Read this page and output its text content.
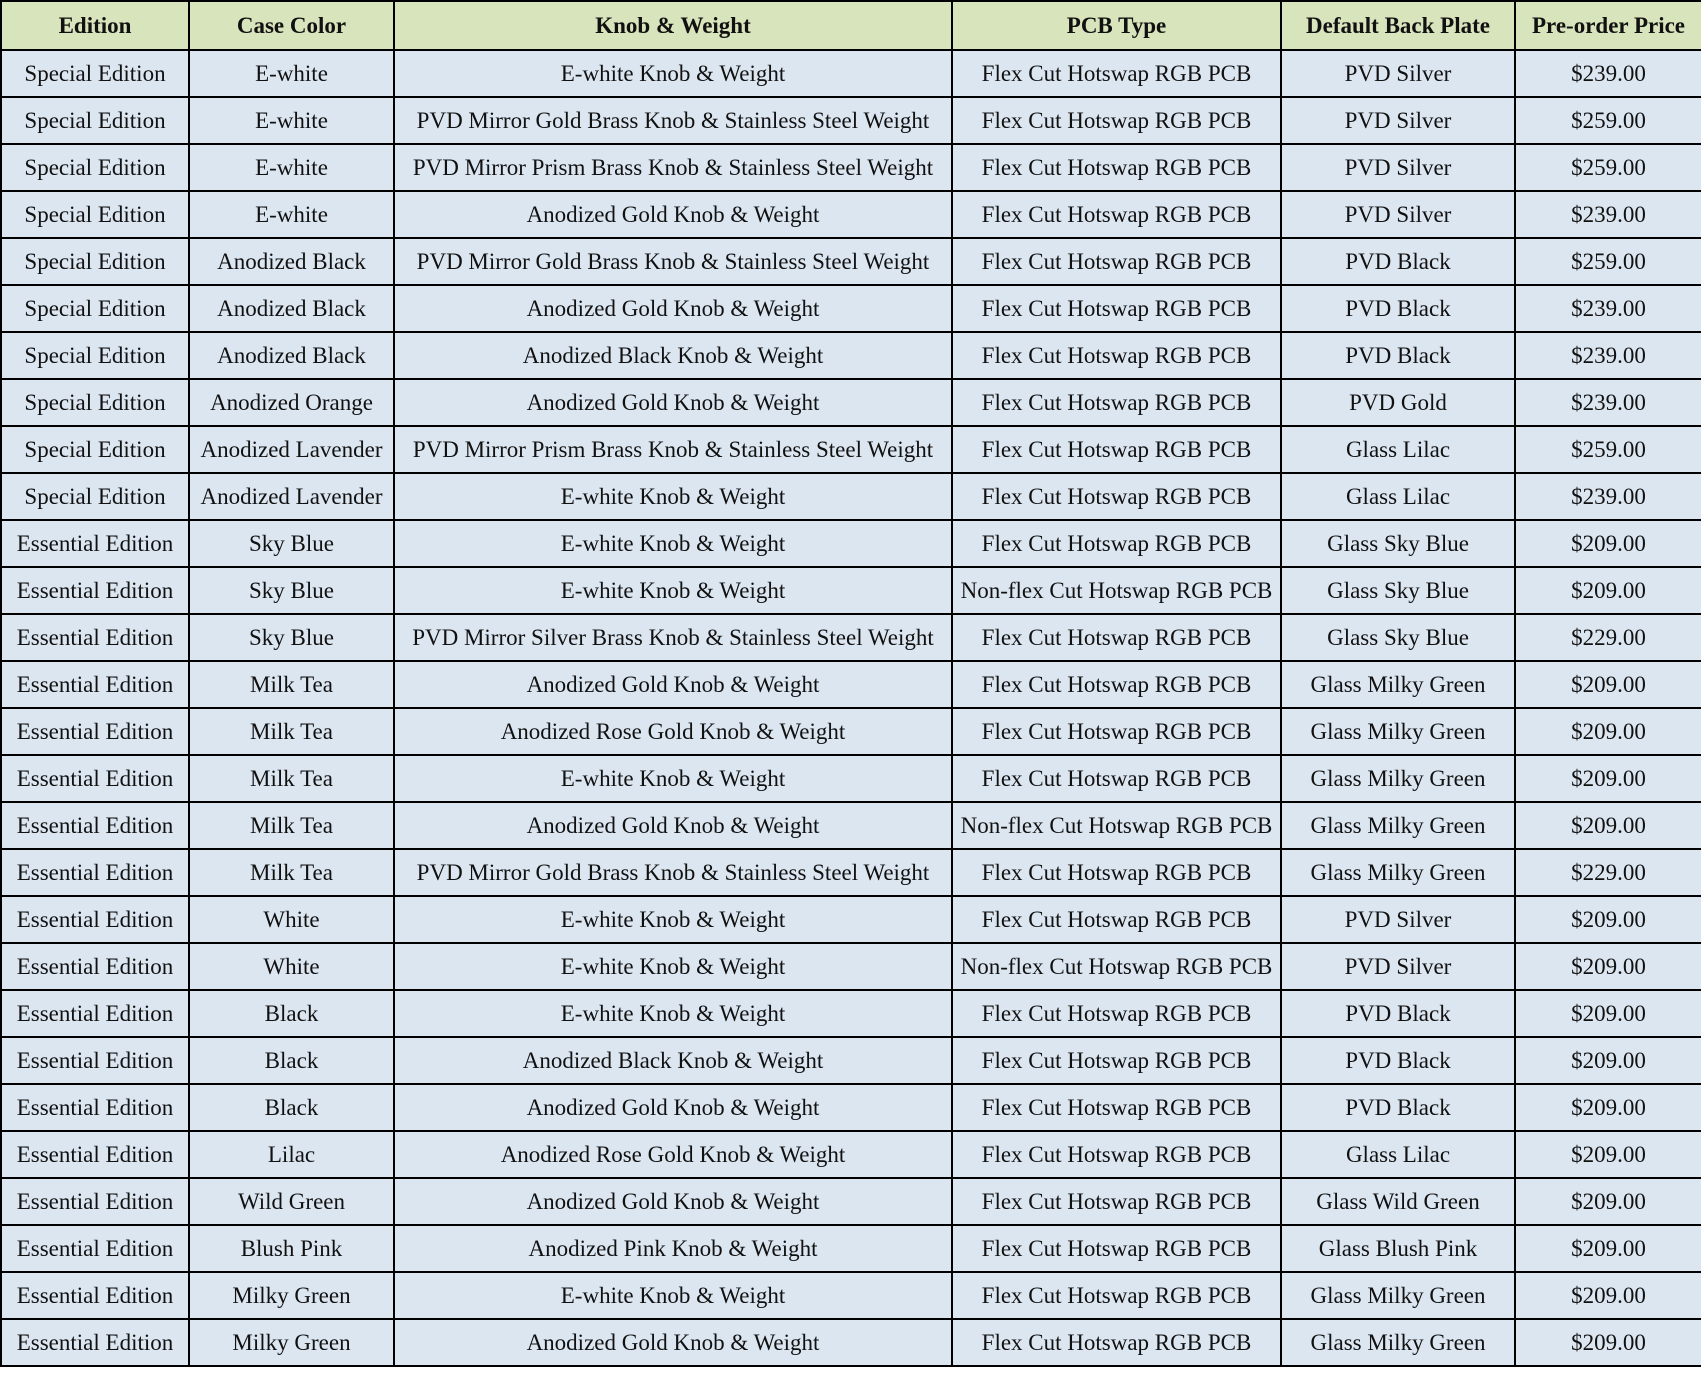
Edition	Case Color	Knob & Weight	PCB Type	Default Back Plate	Pre-order Price
Special Edition	E-white	E-white Knob & Weight	Flex Cut Hotswap RGB PCB	PVD Silver	$239.00
Special Edition	E-white	PVD Mirror Gold Brass Knob & Stainless Steel Weight	Flex Cut Hotswap RGB PCB	PVD Silver	$259.00
Special Edition	E-white	PVD Mirror Prism Brass Knob & Stainless Steel Weight	Flex Cut Hotswap RGB PCB	PVD Silver	$259.00
Special Edition	E-white	Anodized Gold Knob & Weight	Flex Cut Hotswap RGB PCB	PVD Silver	$239.00
Special Edition	Anodized Black	PVD Mirror Gold Brass Knob & Stainless Steel Weight	Flex Cut Hotswap RGB PCB	PVD Black	$259.00
Special Edition	Anodized Black	Anodized Gold Knob & Weight	Flex Cut Hotswap RGB PCB	PVD Black	$239.00
Special Edition	Anodized Black	Anodized Black Knob & Weight	Flex Cut Hotswap RGB PCB	PVD Black	$239.00
Special Edition	Anodized Orange	Anodized Gold Knob & Weight	Flex Cut Hotswap RGB PCB	PVD Gold	$239.00
Special Edition	Anodized Lavender	PVD Mirror Prism Brass Knob & Stainless Steel Weight	Flex Cut Hotswap RGB PCB	Glass Lilac	$259.00
Special Edition	Anodized Lavender	E-white Knob & Weight	Flex Cut Hotswap RGB PCB	Glass Lilac	$239.00
Essential Edition	Sky Blue	E-white Knob & Weight	Flex Cut Hotswap RGB PCB	Glass Sky Blue	$209.00
Essential Edition	Sky Blue	E-white Knob & Weight	Non-flex Cut Hotswap RGB PCB	Glass Sky Blue	$209.00
Essential Edition	Sky Blue	PVD Mirror Silver Brass Knob & Stainless Steel Weight	Flex Cut Hotswap RGB PCB	Glass Sky Blue	$229.00
Essential Edition	Milk Tea	Anodized Gold Knob & Weight	Flex Cut Hotswap RGB PCB	Glass Milky Green	$209.00
Essential Edition	Milk Tea	Anodized Rose Gold Knob & Weight	Flex Cut Hotswap RGB PCB	Glass Milky Green	$209.00
Essential Edition	Milk Tea	E-white Knob & Weight	Flex Cut Hotswap RGB PCB	Glass Milky Green	$209.00
Essential Edition	Milk Tea	Anodized Gold Knob & Weight	Non-flex Cut Hotswap RGB PCB	Glass Milky Green	$209.00
Essential Edition	Milk Tea	PVD Mirror Gold Brass Knob & Stainless Steel Weight	Flex Cut Hotswap RGB PCB	Glass Milky Green	$229.00
Essential Edition	White	E-white Knob & Weight	Flex Cut Hotswap RGB PCB	PVD Silver	$209.00
Essential Edition	White	E-white Knob & Weight	Non-flex Cut Hotswap RGB PCB	PVD Silver	$209.00
Essential Edition	Black	E-white Knob & Weight	Flex Cut Hotswap RGB PCB	PVD Black	$209.00
Essential Edition	Black	Anodized Black Knob & Weight	Flex Cut Hotswap RGB PCB	PVD Black	$209.00
Essential Edition	Black	Anodized Gold Knob & Weight	Flex Cut Hotswap RGB PCB	PVD Black	$209.00
Essential Edition	Lilac	Anodized Rose Gold Knob & Weight	Flex Cut Hotswap RGB PCB	Glass Lilac	$209.00
Essential Edition	Wild Green	Anodized Gold Knob & Weight	Flex Cut Hotswap RGB PCB	Glass Wild Green	$209.00
Essential Edition	Blush Pink	Anodized Pink Knob & Weight	Flex Cut Hotswap RGB PCB	Glass Blush Pink	$209.00
Essential Edition	Milky Green	E-white Knob & Weight	Flex Cut Hotswap RGB PCB	Glass Milky Green	$209.00
Essential Edition	Milky Green	Anodized Gold Knob & Weight	Flex Cut Hotswap RGB PCB	Glass Milky Green	$209.00
